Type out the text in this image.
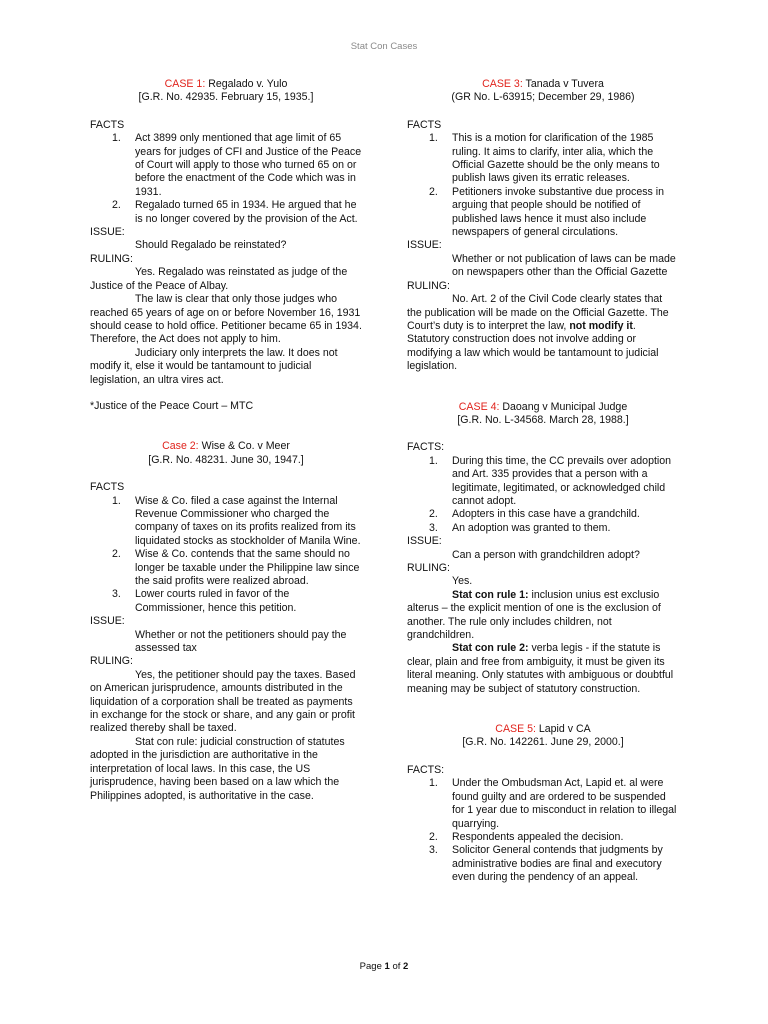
Stat Con Cases
CASE 1: Regalado v. Yulo
[G.R. No. 42935. February 15, 1935.]
FACTS
1. Act 3899 only mentioned that age limit of 65 years for judges of CFI and Justice of the Peace of Court will apply to those who turned 65 on or before the enactment of the Code which was in 1931.
2. Regalado turned 65 in 1934. He argued that he is no longer covered by the provision of the Act.
ISSUE:
Should Regalado be reinstated?
RULING:
Yes. Regalado was reinstated as judge of the Justice of the Peace of Albay.
The law is clear that only those judges who reached 65 years of age on or before November 16, 1931 should cease to hold office. Petitioner became 65 in 1934. Therefore, the Act does not apply to him.
Judiciary only interprets the law. It does not modify it, else it would be tantamount to judicial legislation, an ultra vires act.
*Justice of the Peace Court – MTC
Case 2: Wise & Co. v Meer
[G.R. No. 48231. June 30, 1947.]
FACTS
1. Wise & Co. filed a case against the Internal Revenue Commissioner who charged the company of taxes on its profits realized from its liquidated stocks as stockholder of Manila Wine.
2. Wise & Co. contends that the same should no longer be taxable under the Philippine law since the said profits were realized abroad.
3. Lower courts ruled in favor of the Commissioner, hence this petition.
ISSUE:
Whether or not the petitioners should pay the assessed tax
RULING:
Yes, the petitioner should pay the taxes. Based on American jurisprudence, amounts distributed in the liquidation of a corporation shall be treated as payments in exchange for the stock or share, and any gain or profit realized thereby shall be taxed.
Stat con rule: judicial construction of statutes adopted in the jurisdiction are authoritative in the interpretation of local laws. In this case, the US jurisprudence, having been based on a law which the Philippines adopted, is authoritative in the case.
CASE 3: Tanada v Tuvera
(GR No. L-63915; December 29, 1986)
FACTS
1. This is a motion for clarification of the 1985 ruling. It aims to clarify, inter alia, which the Official Gazette should be the only means to publish laws given its erratic releases.
2. Petitioners invoke substantive due process in arguing that people should be notified of published laws hence it must also include newspapers of general circulations.
ISSUE:
Whether or not publication of laws can be made on newspapers other than the Official Gazette
RULING:
No. Art. 2 of the Civil Code clearly states that the publication will be made on the Official Gazette. The Court’s duty is to interpret the law, not modify it. Statutory construction does not involve adding or modifying a law which would be tantamount to judicial legislation.
CASE 4: Daoang v Municipal Judge
[G.R. No. L-34568. March 28, 1988.]
FACTS:
1. During this time, the CC prevails over adoption and Art. 335 provides that a person with a legitimate, legitimated, or acknowledged child cannot adopt.
2. Adopters in this case have a grandchild.
3. An adoption was granted to them.
ISSUE:
Can a person with grandchildren adopt?
RULING:
Yes.
Stat con rule 1: inclusion unius est exclusio alterus – the explicit mention of one is the exclusion of another. The rule only includes children, not grandchildren.
Stat con rule 2: verba legis - if the statute is clear, plain and free from ambiguity, it must be given its literal meaning. Only statutes with ambiguous or doubtful meaning may be subject of statutory construction.
CASE 5: Lapid v CA
[G.R. No. 142261. June 29, 2000.]
FACTS:
1. Under the Ombudsman Act, Lapid et. al were found guilty and are ordered to be suspended for 1 year due to misconduct in relation to illegal quarrying.
2. Respondents appealed the decision.
3. Solicitor General contends that judgments by administrative bodies are final and executory even during the pendency of an appeal.
Page 1 of 2
